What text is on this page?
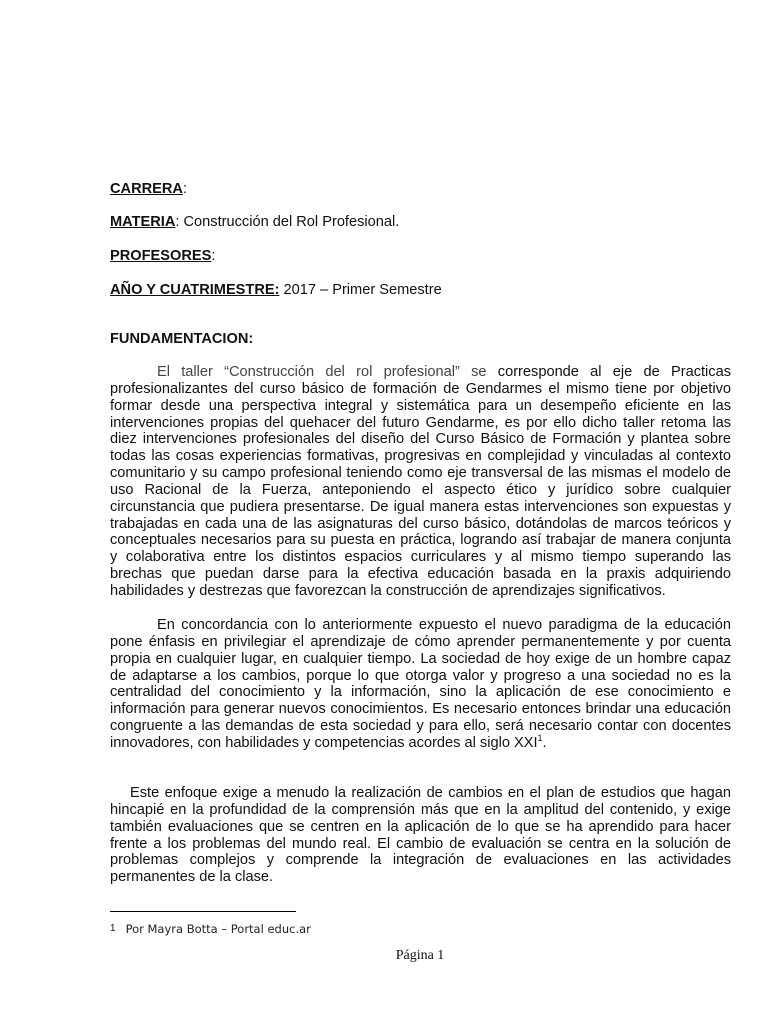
CARRERA:
MATERIA: Construcción del Rol Profesional.
PROFESORES:
AÑO Y CUATRIMESTRE: 2017 – Primer Semestre
FUNDAMENTACION:
El taller “Construcción del rol profesional” se corresponde al eje de Practicas profesionalizantes del curso básico de formación de Gendarmes el mismo tiene por objetivo formar desde una perspectiva integral y sistemática para un desempeño eficiente en las intervenciones propias del quehacer del futuro Gendarme, es por ello dicho taller retoma las diez intervenciones profesionales del diseño del Curso Básico de Formación y plantea sobre todas las cosas experiencias formativas, progresivas en complejidad y vinculadas al contexto comunitario y su campo profesional teniendo como eje transversal de las mismas el modelo de uso Racional de la Fuerza, anteponiendo el aspecto ético y jurídico sobre cualquier circunstancia que pudiera presentarse. De igual manera estas intervenciones son expuestas y trabajadas en cada una de las asignaturas del curso básico, dotándolas de marcos teóricos y conceptuales necesarios para su puesta en práctica, logrando así trabajar de manera conjunta y colaborativa entre los distintos espacios curriculares y al mismo tiempo superando las brechas que puedan darse para la efectiva educación basada en la praxis adquiriendo habilidades y destrezas que favorezcan la construcción de aprendizajes significativos.
En concordancia con lo anteriormente expuesto el nuevo paradigma de la educación pone énfasis en privilegiar el aprendizaje de cómo aprender permanentemente y por cuenta propia en cualquier lugar, en cualquier tiempo. La sociedad de hoy exige de un hombre capaz de adaptarse a los cambios, porque lo que otorga valor y progreso a una sociedad no es la centralidad del conocimiento y la información, sino la aplicación de ese conocimiento e información para generar nuevos conocimientos. Es necesario entonces brindar una educación congruente a las demandas de esta sociedad y para ello, será necesario contar con docentes innovadores, con habilidades y competencias acordes al siglo XXI$^1$.
Este enfoque exige a menudo la realización de cambios en el plan de estudios que hagan hincapié en la profundidad de la comprensión más que en la amplitud del contenido, y exige también evaluaciones que se centren en la aplicación de lo que se ha aprendido para hacer frente a los problemas del mundo real. El cambio de evaluación se centra en la solución de problemas complejos y comprende la integración de evaluaciones en las actividades permanentes de la clase.
$^1$ Por Mayra Botta – Portal educ.ar
Página 1
